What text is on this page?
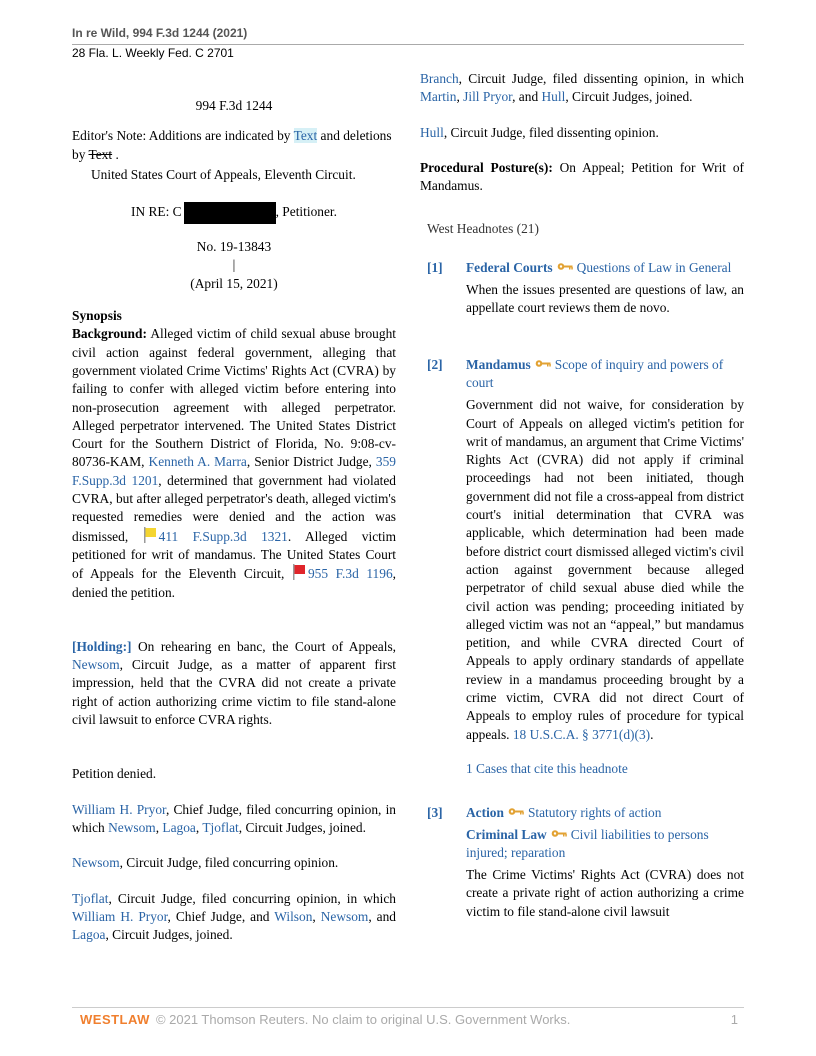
In re Wild, 994 F.3d 1244 (2021)
28 Fla. L. Weekly Fed. C 2701
994 F.3d 1244

Editor's Note: Additions are indicated by Text and deletions by Text .

United States Court of Appeals, Eleventh Circuit.

IN RE: C	, Petitioner.
No. 19-13843
|
(April 15, 2021)
Synopsis

Background: Alleged victim of child sexual abuse brought civil action against federal government, alleging that government violated Crime Victims' Rights Act (CVRA) by failing to confer with alleged victim before entering into non-prosecution agreement with alleged perpetrator. Alleged perpetrator intervened. The United States District Court for the Southern District of Florida, No. 9:08-cv-80736-KAM, Kenneth A. Marra, Senior District Judge, 359 F.Supp.3d 1201, determined that government had violated CVRA, but after alleged perpetrator's death, alleged victim's requested remedies were denied and the action was dismissed, 411 F.Supp.3d 1321. Alleged victim petitioned for writ of mandamus. The United States Court of Appeals for the Eleventh Circuit, 955 F.3d 1196, denied the petition.

[Holding:] On rehearing en banc, the Court of Appeals, Newsom, Circuit Judge, as a matter of apparent first impression, held that the CVRA did not create a private right of action authorizing crime victim to file stand-alone civil lawsuit to enforce CVRA rights.

Petition denied.

William H. Pryor, Chief Judge, filed concurring opinion, in which Newsom, Lagoa, Tjoflat, Circuit Judges, joined.

Newsom, Circuit Judge, filed concurring opinion.

Tjoflat, Circuit Judge, filed concurring opinion, in which William H. Pryor, Chief Judge, and Wilson, Newsom, and Lagoa, Circuit Judges, joined.

Branch, Circuit Judge, filed dissenting opinion, in which Martin, Jill Pryor, and Hull, Circuit Judges, joined.

Hull, Circuit Judge, filed dissenting opinion.

Procedural Posture(s): On Appeal; Petition for Writ of Mandamus.

West Headnotes (21)
[1]	Federal Courts Questions of Law in General
When the issues presented are questions of law, an appellate court reviews them de novo.
[2]	Mandamus Scope of inquiry and powers of court
Government did not waive, for consideration by Court of Appeals on alleged victim's petition for writ of mandamus, an argument that Crime Victims' Rights Act (CVRA) did not apply if criminal proceedings had not been initiated, though government did not file a cross-appeal from district court's initial determination that CVRA was applicable, which determination had been made before district court dismissed alleged victim's civil action against government because alleged perpetrator of child sexual abuse died while the civil action was pending; proceeding initiated by alleged victim was not an “appeal,” but mandamus petition, and while CVRA directed Court of Appeals to apply ordinary standards of appellate review in a mandamus proceeding brought by a crime victim, CVRA did not direct Court of Appeals to employ rules of procedure for typical appeals. 18 U.S.C.A. § 3771(d)(3).
1 Cases that cite this headnote
[3]	Action Statutory rights of action
Criminal Law Civil liabilities to persons injured; reparation
The Crime Victims' Rights Act (CVRA) does not create a private right of action authorizing a crime victim to file stand-alone civil lawsuit
WESTLAW © 2021 Thomson Reuters. No claim to original U.S. Government Works.	1
